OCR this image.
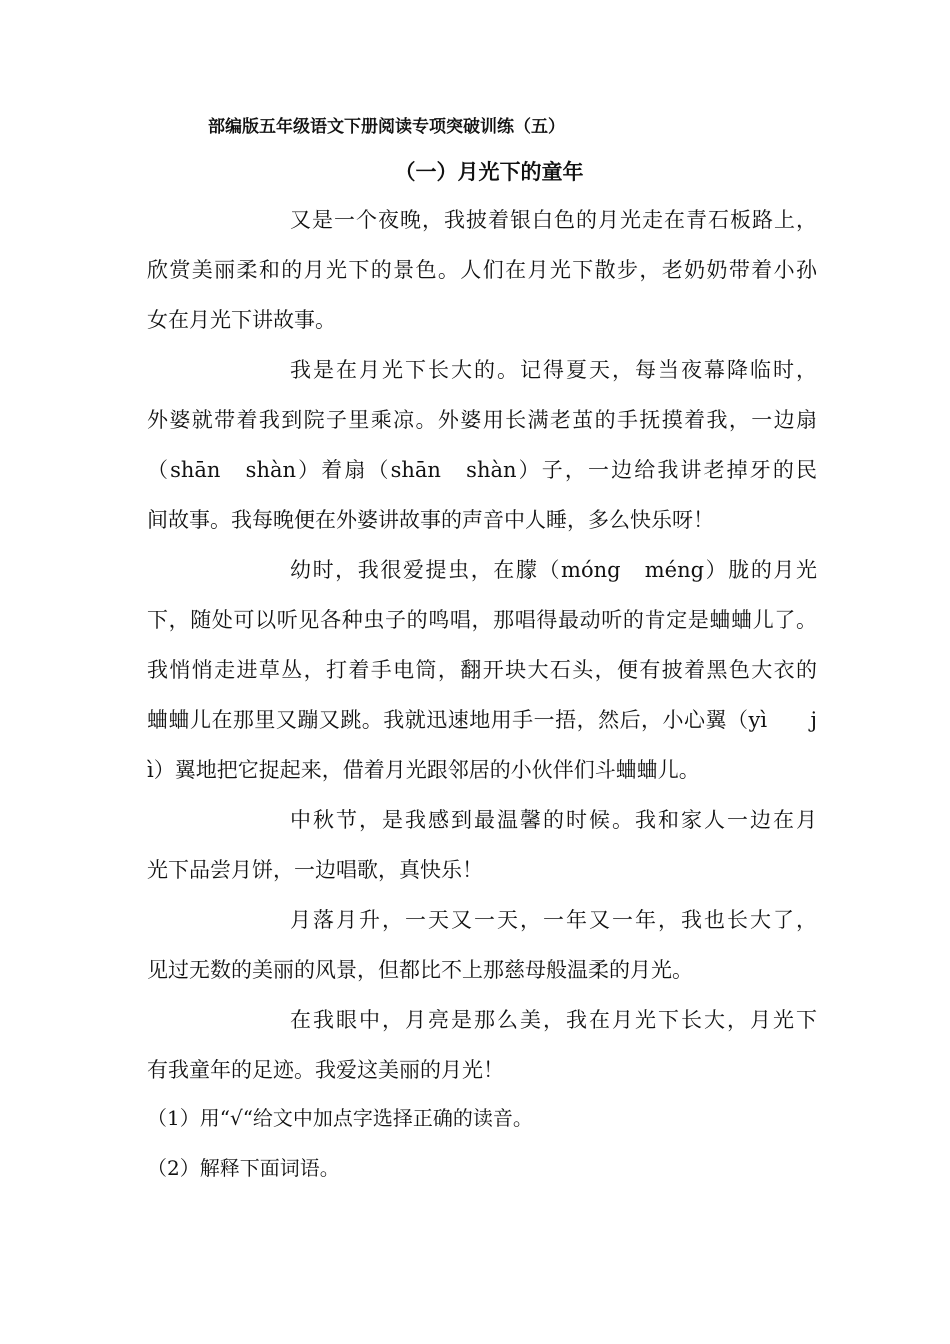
部编版五年级语文下册阅读专项突破训练（五）
（一）月光下的童年
又是一个夜晚，我披着银白色的月光走在青石板路上，
欣赏美丽柔和的月光下的景色。人们在月光下散步，老奶奶带着小孙
女在月光下讲故事。
我是在月光下长大的。记得夏天，每当夜幕降临时，
外婆就带着我到院子里乘凉。外婆用长满老茧的手抚摸着我，一边扇
（shān　shàn）着扇（shān　shàn）子，一边给我讲老掉牙的民
间故事。我每晚便在外婆讲故事的声音中人睡，多么快乐呀！
幼时，我很爱提虫，在朦（móng　méng）胧的月光
下，随处可以听见各种虫子的鸣唱，那唱得最动听的肯定是蛐蛐儿了。
我悄悄走进草丛，打着手电筒，翻开块大石头，便有披着黑色大衣的
蛐蛐儿在那里又蹦又跳。我就迅速地用手一捂，然后，小心翼（yì　　j
ì）翼地把它捉起来，借着月光跟邻居的小伙伴们斗蛐蛐儿。
中秋节，是我感到最温馨的时候。我和家人一边在月
光下品尝月饼，一边唱歌，真快乐！
月落月升，一天又一天，一年又一年，我也长大了，
见过无数的美丽的风景，但都比不上那慈母般温柔的月光。
在我眼中，月亮是那么美，我在月光下长大，月光下
有我童年的足迹。我爱这美丽的月光！
（1）用“√“给文中加点字选择正确的读音。
（2）解释下面词语。
